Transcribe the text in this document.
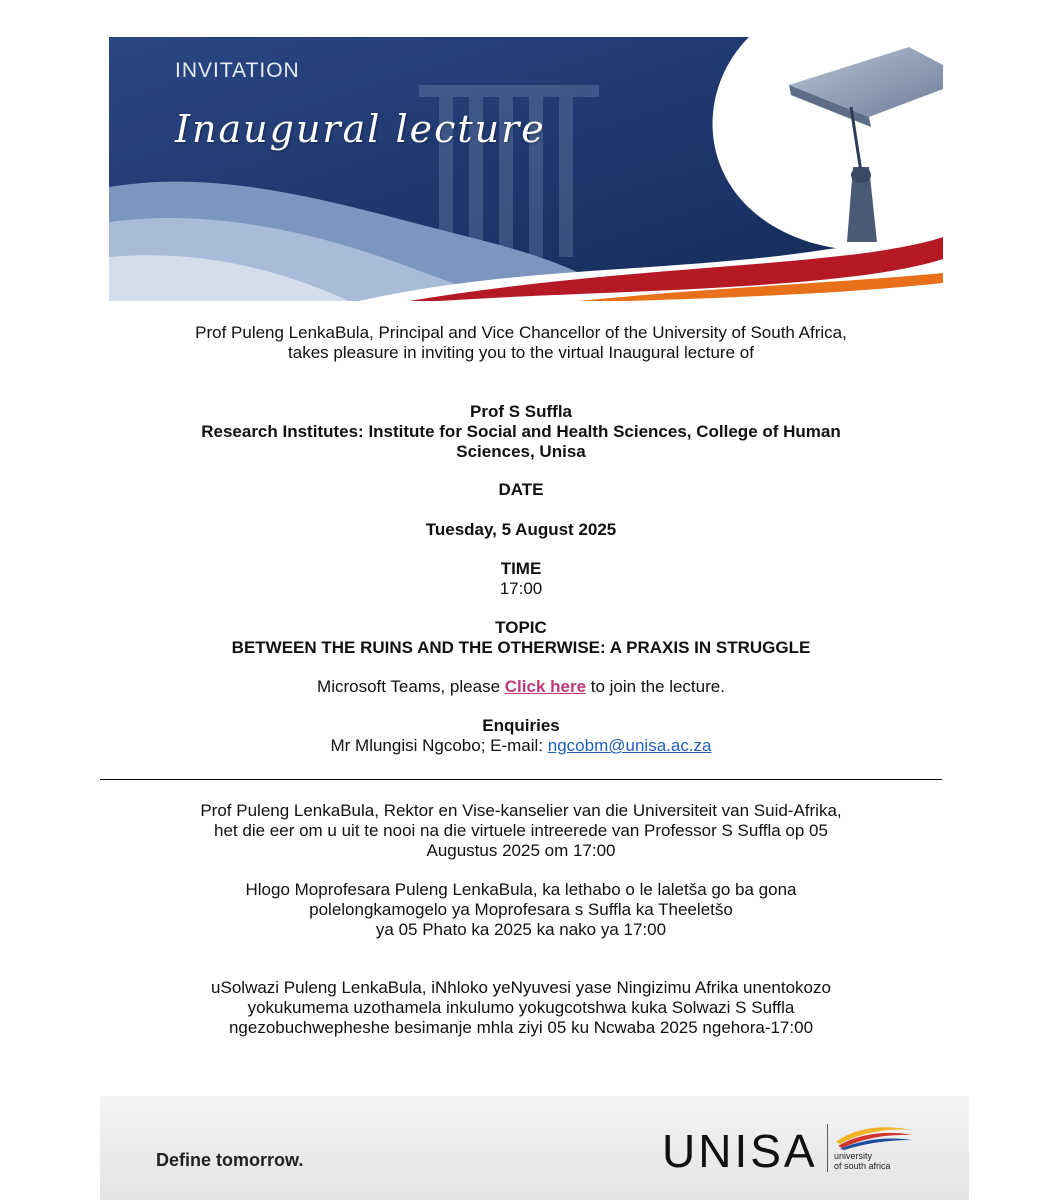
INVITATION
Inaugural lecture

Prof Puleng LenkaBula, Principal and Vice Chancellor of the University of South Africa,

takes pleasure in inviting you to the virtual Inaugural lecture of

Prof S Suffla

Research Institutes: Institute for Social and Health Sciences, College of Human

Sciences, Unisa

DATE

Tuesday, 5 August 2025

TIME

17:00

TOPIC

BETWEEN THE RUINS AND THE OTHERWISE: A PRAXIS IN STRUGGLE

Microsoft Teams, please Click here to join the lecture.

Enquiries

Mr Mlungisi Ngcobo; E-mail: ngcobm@unisa.ac.za

Prof Puleng LenkaBula, Rektor en Vise-kanselier van die Universiteit van Suid-Afrika,

het die eer om u uit te nooi na die virtuele intreerede van Professor S Suffla op 05

Augustus 2025 om 17:00

Hlogo Moprofesara Puleng LenkaBula, ka lethabo o le laletša go ba gona

polelongkamogelo ya Moprofesara s Suffla ka Theeletšo

ya 05 Phato ka 2025 ka nako ya 17:00

uSolwazi Puleng LenkaBula, iNhloko yeNyuvesi yase Ningizimu Afrika unentokozo

yokukumema uzothamela inkulumo yokugcotshwa kuka Solwazi S Suffla

ngezobuchwepheshe besimanje mhla ziyi 05 ku Ncwaba 2025 ngehora-17:00

Define tomorrow.	UNISA university
of south africa
